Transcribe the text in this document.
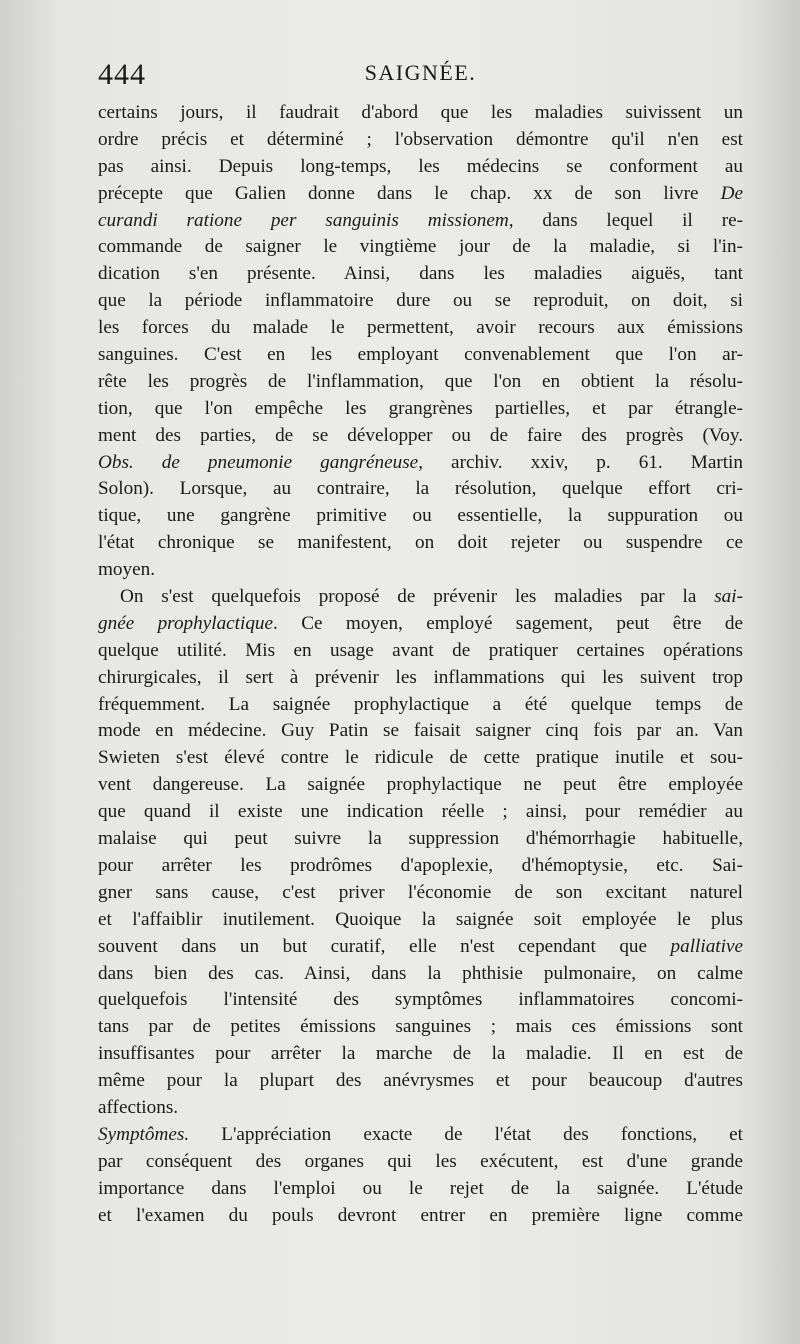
444	SAIGNÉE.
certains jours, il faudrait d'abord que les maladies suivissent un
ordre précis et déterminé ; l'observation démontre qu'il n'en est
pas ainsi. Depuis long-temps, les médecins se conforment au
précepte que Galien donne dans le chap. xx de son livre De
curandi ratione per sanguinis missionem, dans lequel il re-
commande de saigner le vingtième jour de la maladie, si l'in-
dication s'en présente. Ainsi, dans les maladies aiguës, tant
que la période inflammatoire dure ou se reproduit, on doit, si
les forces du malade le permettent, avoir recours aux émissions
sanguines. C'est en les employant convenablement que l'on ar-
rête les progrès de l'inflammation, que l'on en obtient la résolu-
tion, que l'on empêche les grangrènes partielles, et par étrangle-
ment des parties, de se développer ou de faire des progrès (Voy.
Obs. de pneumonie gangréneuse, archiv. xxiv, p. 61. Martin
Solon). Lorsque, au contraire, la résolution, quelque effort cri-
tique, une gangrène primitive ou essentielle, la suppuration ou
l'état chronique se manifestent, on doit rejeter ou suspendre ce
moyen.
On s'est quelquefois proposé de prévenir les maladies par la sai-
gnée prophylactique. Ce moyen, employé sagement, peut être de
quelque utilité. Mis en usage avant de pratiquer certaines opérations
chirurgicales, il sert à prévenir les inflammations qui les suivent trop
fréquemment. La saignée prophylactique a été quelque temps de
mode en médecine. Guy Patin se faisait saigner cinq fois par an. Van
Swieten s'est élevé contre le ridicule de cette pratique inutile et sou-
vent dangereuse. La saignée prophylactique ne peut être employée
que quand il existe une indication réelle ; ainsi, pour remédier au
malaise qui peut suivre la suppression d'hémorrhagie habituelle,
pour arrêter les prodrômes d'apoplexie, d'hémoptysie, etc. Sai-
gner sans cause, c'est priver l'économie de son excitant naturel
et l'affaiblir inutilement. Quoique la saignée soit employée le plus
souvent dans un but curatif, elle n'est cependant que palliative
dans bien des cas. Ainsi, dans la phthisie pulmonaire, on calme
quelquefois l'intensité des symptômes inflammatoires concomi-
tans par de petites émissions sanguines ; mais ces émissions sont
insuffisantes pour arrêter la marche de la maladie. Il en est de
même pour la plupart des anévrysmes et pour beaucoup d'autres
affections.
Symptômes. L'appréciation exacte de l'état des fonctions, et
par conséquent des organes qui les exécutent, est d'une grande
importance dans l'emploi ou le rejet de la saignée. L'étude
et l'examen du pouls devront entrer en première ligne comme
